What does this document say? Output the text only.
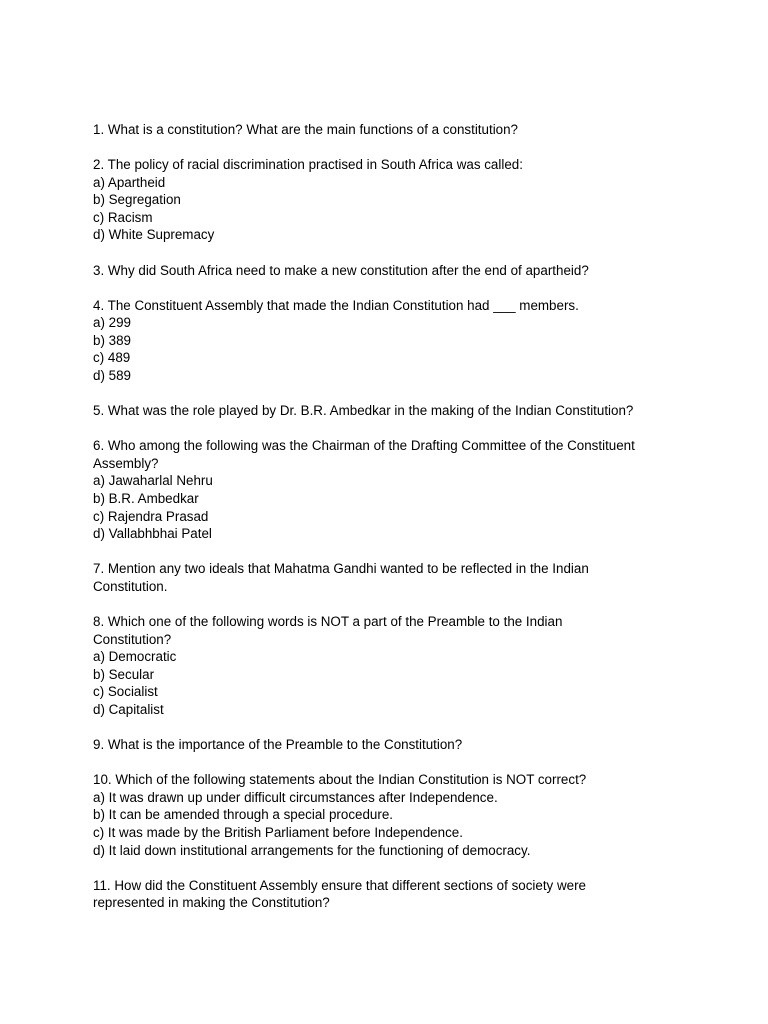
1. What is a constitution? What are the main functions of a constitution?
2. The policy of racial discrimination practised in South Africa was called:
a) Apartheid
b) Segregation
c) Racism
d) White Supremacy
3. Why did South Africa need to make a new constitution after the end of apartheid?
4. The Constituent Assembly that made the Indian Constitution had ___ members.
a) 299
b) 389
c) 489
d) 589
5. What was the role played by Dr. B.R. Ambedkar in the making of the Indian Constitution?
6. Who among the following was the Chairman of the Drafting Committee of the Constituent Assembly?
a) Jawaharlal Nehru
b) B.R. Ambedkar
c) Rajendra Prasad
d) Vallabhbhai Patel
7. Mention any two ideals that Mahatma Gandhi wanted to be reflected in the Indian Constitution.
8. Which one of the following words is NOT a part of the Preamble to the Indian Constitution?
a) Democratic
b) Secular
c) Socialist
d) Capitalist
9. What is the importance of the Preamble to the Constitution?
10. Which of the following statements about the Indian Constitution is NOT correct?
a) It was drawn up under difficult circumstances after Independence.
b) It can be amended through a special procedure.
c) It was made by the British Parliament before Independence.
d) It laid down institutional arrangements for the functioning of democracy.
11. How did the Constituent Assembly ensure that different sections of society were represented in making the Constitution?
